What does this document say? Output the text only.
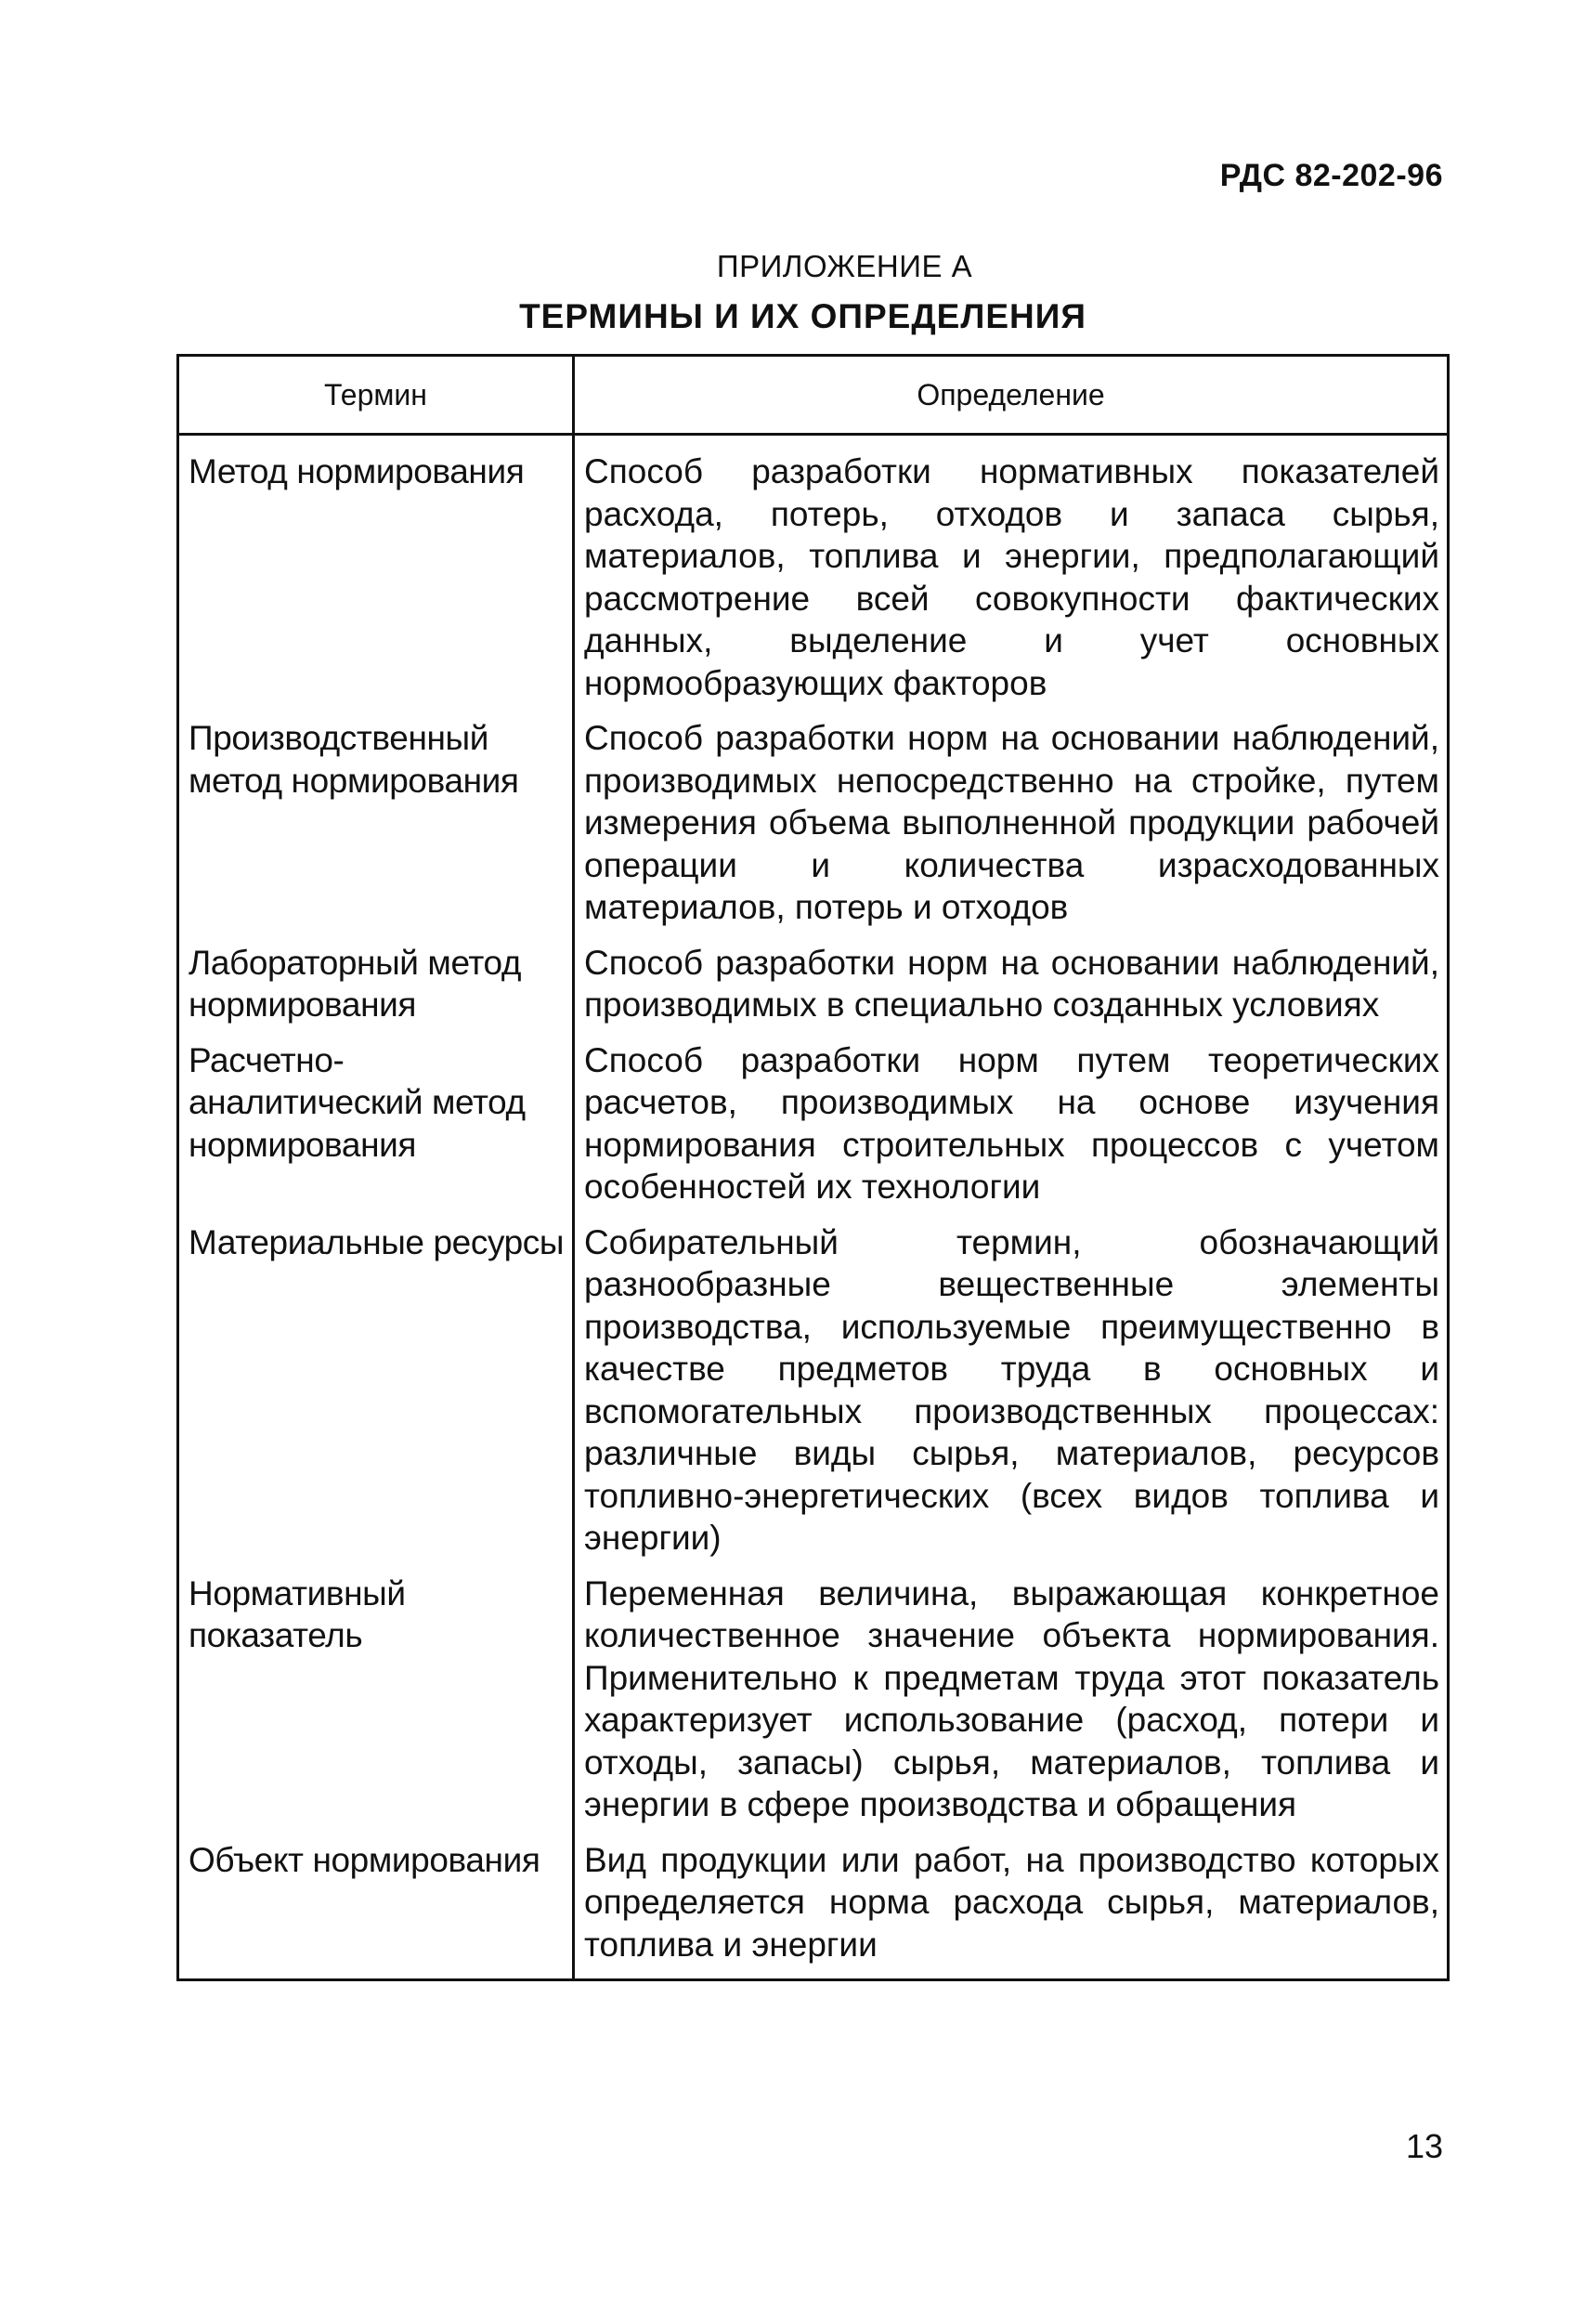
РДС 82-202-96
ПРИЛОЖЕНИЕ А
ТЕРМИНЫ И ИХ ОПРЕДЕЛЕНИЯ
Термин	Определение
Метод нормирования	Способ разработки нормативных показателей расхода, потерь, отходов и запаса сырья, материалов, топлива и энергии, предполагающий рассмотрение всей совокупности фактических данных, выделение и учет основных нормообразующих факторов
Производственный метод нормирования	Способ разработки норм на основании наблюдений, производимых непосредственно на стройке, путем измерения объема выполненной продукции рабочей операции и количества израсходованных материалов, потерь и отходов
Лабораторный метод нормирования	Способ разработки норм на основании наблюдений, производимых в специально созданных условиях
Расчетно-аналитический метод нормирования	Способ разработки норм путем теоретических расчетов, производимых на основе изучения нормирования строительных процессов с учетом особенностей их технологии
Материальные ресурсы	Собирательный термин, обозначающий разнообразные вещественные элементы производства, используемые преимущественно в качестве предметов труда в основных и вспомогательных производственных процессах: различные виды сырья, материалов, ресурсов топливно-энергетических (всех видов топлива и энергии)
Нормативный показатель	Переменная величина, выражающая конкретное количественное значение объекта нормирования. Применительно к предметам труда этот показатель характеризует использование (расход, потери и отходы, запасы) сырья, материалов, топлива и энергии в сфере производства и обращения
Объект нормирования	Вид продукции или работ, на производство которых определяется норма расхода сырья, материалов, топлива и энергии
13
